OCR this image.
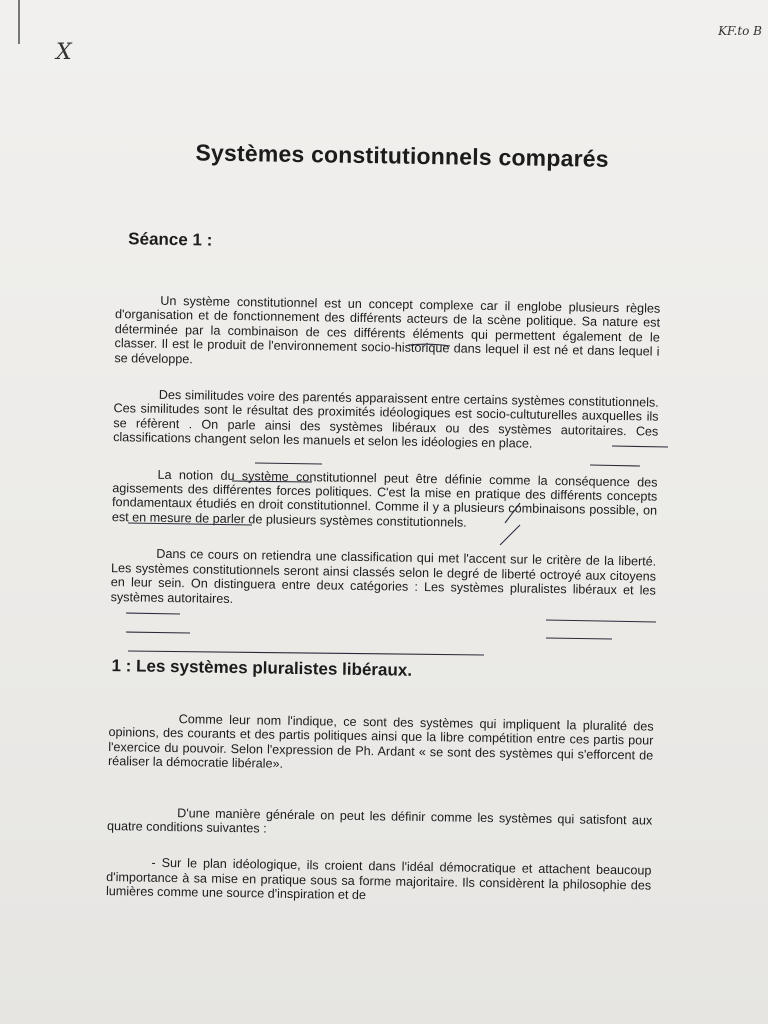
X
KF.to B
Systèmes constitutionnels comparés
Séance 1 :

Un système constitutionnel est un concept complexe car il englobe plusieurs règles d'organisation et de fonctionnement des différents acteurs de la scène politique. Sa nature est déterminée par la combinaison de ces différents éléments qui permettent également de le classer. Il est le produit de l'environnement socio-historique dans lequel il est né et dans lequel i se développe.

Des similitudes voire des parentés apparaissent entre certains systèmes constitutionnels. Ces similitudes sont le résultat des proximités idéologiques est socio-cultuturelles auxquelles ils se réfèrent . On parle ainsi des systèmes libéraux ou des systèmes autoritaires. Ces classifications changent selon les manuels et selon les idéologies en place.

La notion du système constitutionnel peut être définie comme la conséquence des agissements des différentes forces politiques. C'est la mise en pratique des différents concepts fondamentaux étudiés en droit constitutionnel. Comme il y a plusieurs combinaisons possible, on est en mesure de parler de plusieurs systèmes constitutionnels.

Dans ce cours on retiendra une classification qui met l'accent sur le critère de la liberté. Les systèmes constitutionnels seront ainsi classés selon le degré de liberté octroyé aux citoyens en leur sein. On distinguera entre deux catégories : Les systèmes pluralistes libéraux et les systèmes autoritaires.

1 : Les systèmes pluralistes libéraux.

Comme leur nom l'indique, ce sont des systèmes qui impliquent la pluralité des opinions, des courants et des partis politiques ainsi que la libre compétition entre ces partis pour l'exercice du pouvoir. Selon l'expression de Ph. Ardant « se sont des systèmes qui s'efforcent de réaliser la démocratie libérale».

D'une manière générale on peut les définir comme les systèmes qui satisfont aux quatre conditions suivantes :

- Sur le plan idéologique, ils croient dans l'idéal démocratique et attachent beaucoup d'importance à sa mise en pratique sous sa forme majoritaire. Ils considèrent la philosophie des lumières comme une source d'inspiration et de
